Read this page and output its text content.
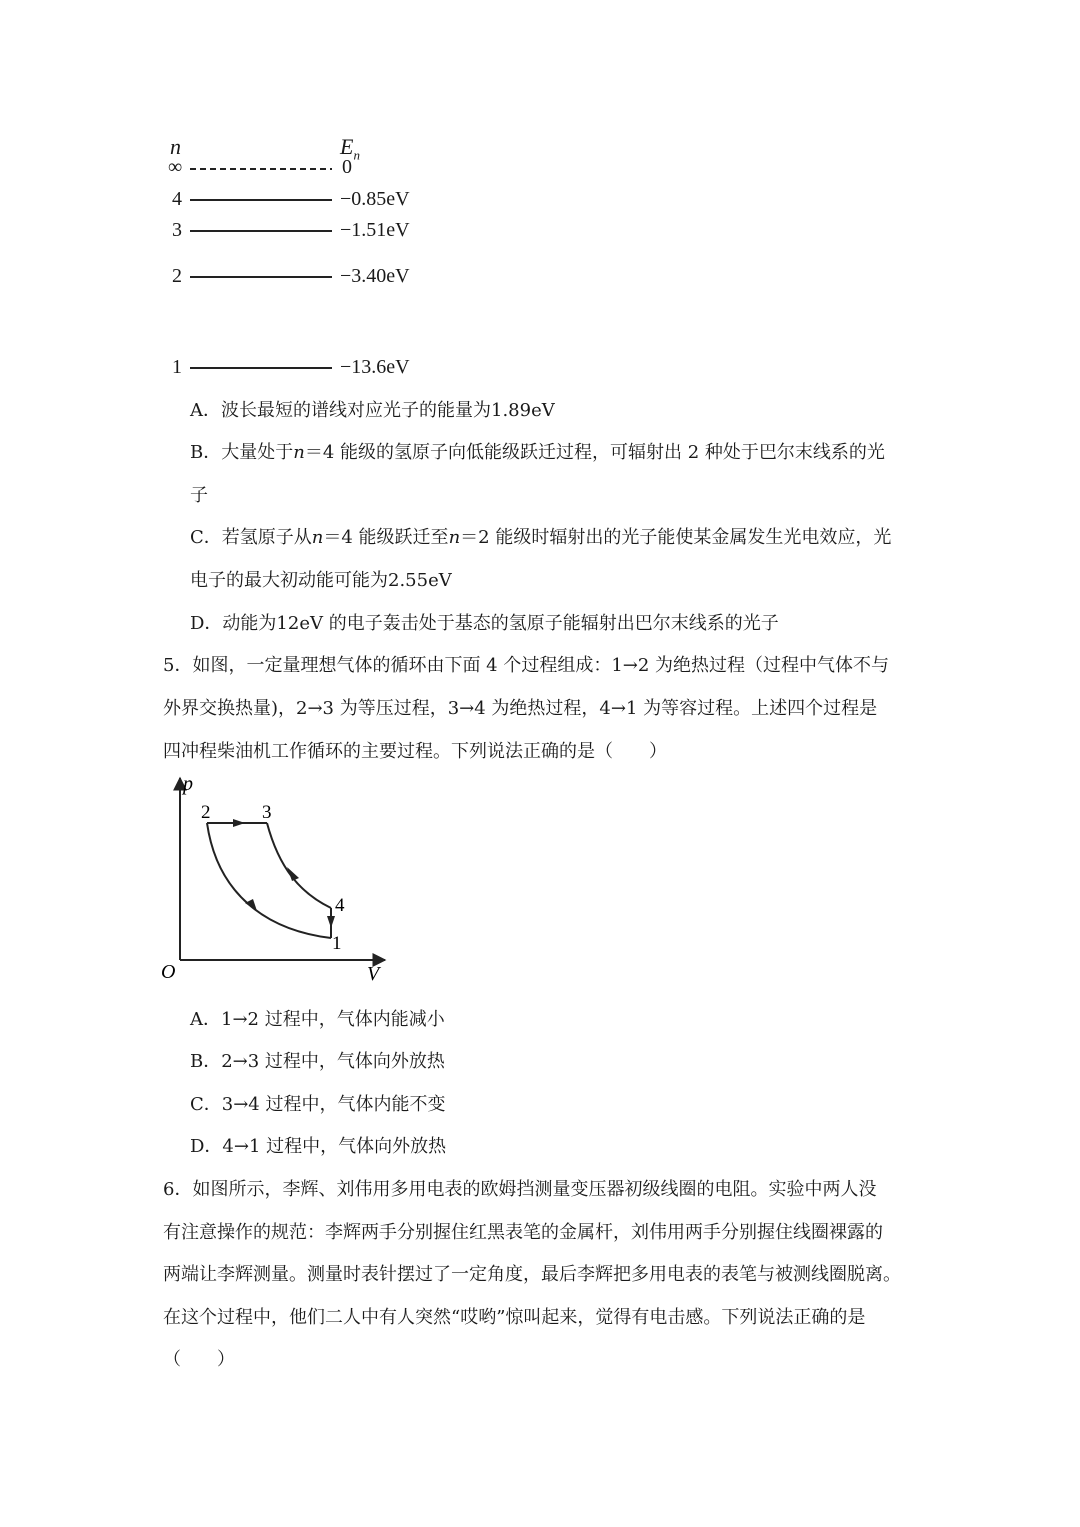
n	$E_n$
∞	0
4	−0.85eV
3	−1.51eV
2	−3.40eV
1	−13.6eV
A．波长最短的谱线对应光子的能量为1.89eV
B．大量处于n＝4 能级的氢原子向低能级跃迁过程，可辐射出 2 种处于巴尔末线系的光
子
C．若氢原子从n＝4 能级跃迁至n＝2 能级时辐射出的光子能使某金属发生光电效应，光
电子的最大初动能可能为2.55eV
D．动能为12eV 的电子轰击处于基态的氢原子能辐射出巴尔末线系的光子
5．如图，一定量理想气体的循环由下面 4 个过程组成：1→2 为绝热过程（过程中气体不与
外界交换热量)，2→3 为等压过程，3→4 为绝热过程，4→1 为等容过程。上述四个过程是
四冲程柴油机工作循环的主要过程。下列说法正确的是（　　）
p
V
O
1
2	3
4
A．1→2 过程中，气体内能减小
B．2→3 过程中，气体向外放热
C．3→4 过程中，气体内能不变
D．4→1 过程中，气体向外放热
6．如图所示，李辉、刘伟用多用电表的欧姆挡测量变压器初级线圈的电阻。实验中两人没
有注意操作的规范：李辉两手分别握住红黑表笔的金属杆，刘伟用两手分别握住线圈裸露的
两端让李辉测量。测量时表针摆过了一定角度，最后李辉把多用电表的表笔与被测线圈脱离。
在这个过程中，他们二人中有人突然“哎哟”惊叫起来，觉得有电击感。下列说法正确的是
（　　）
